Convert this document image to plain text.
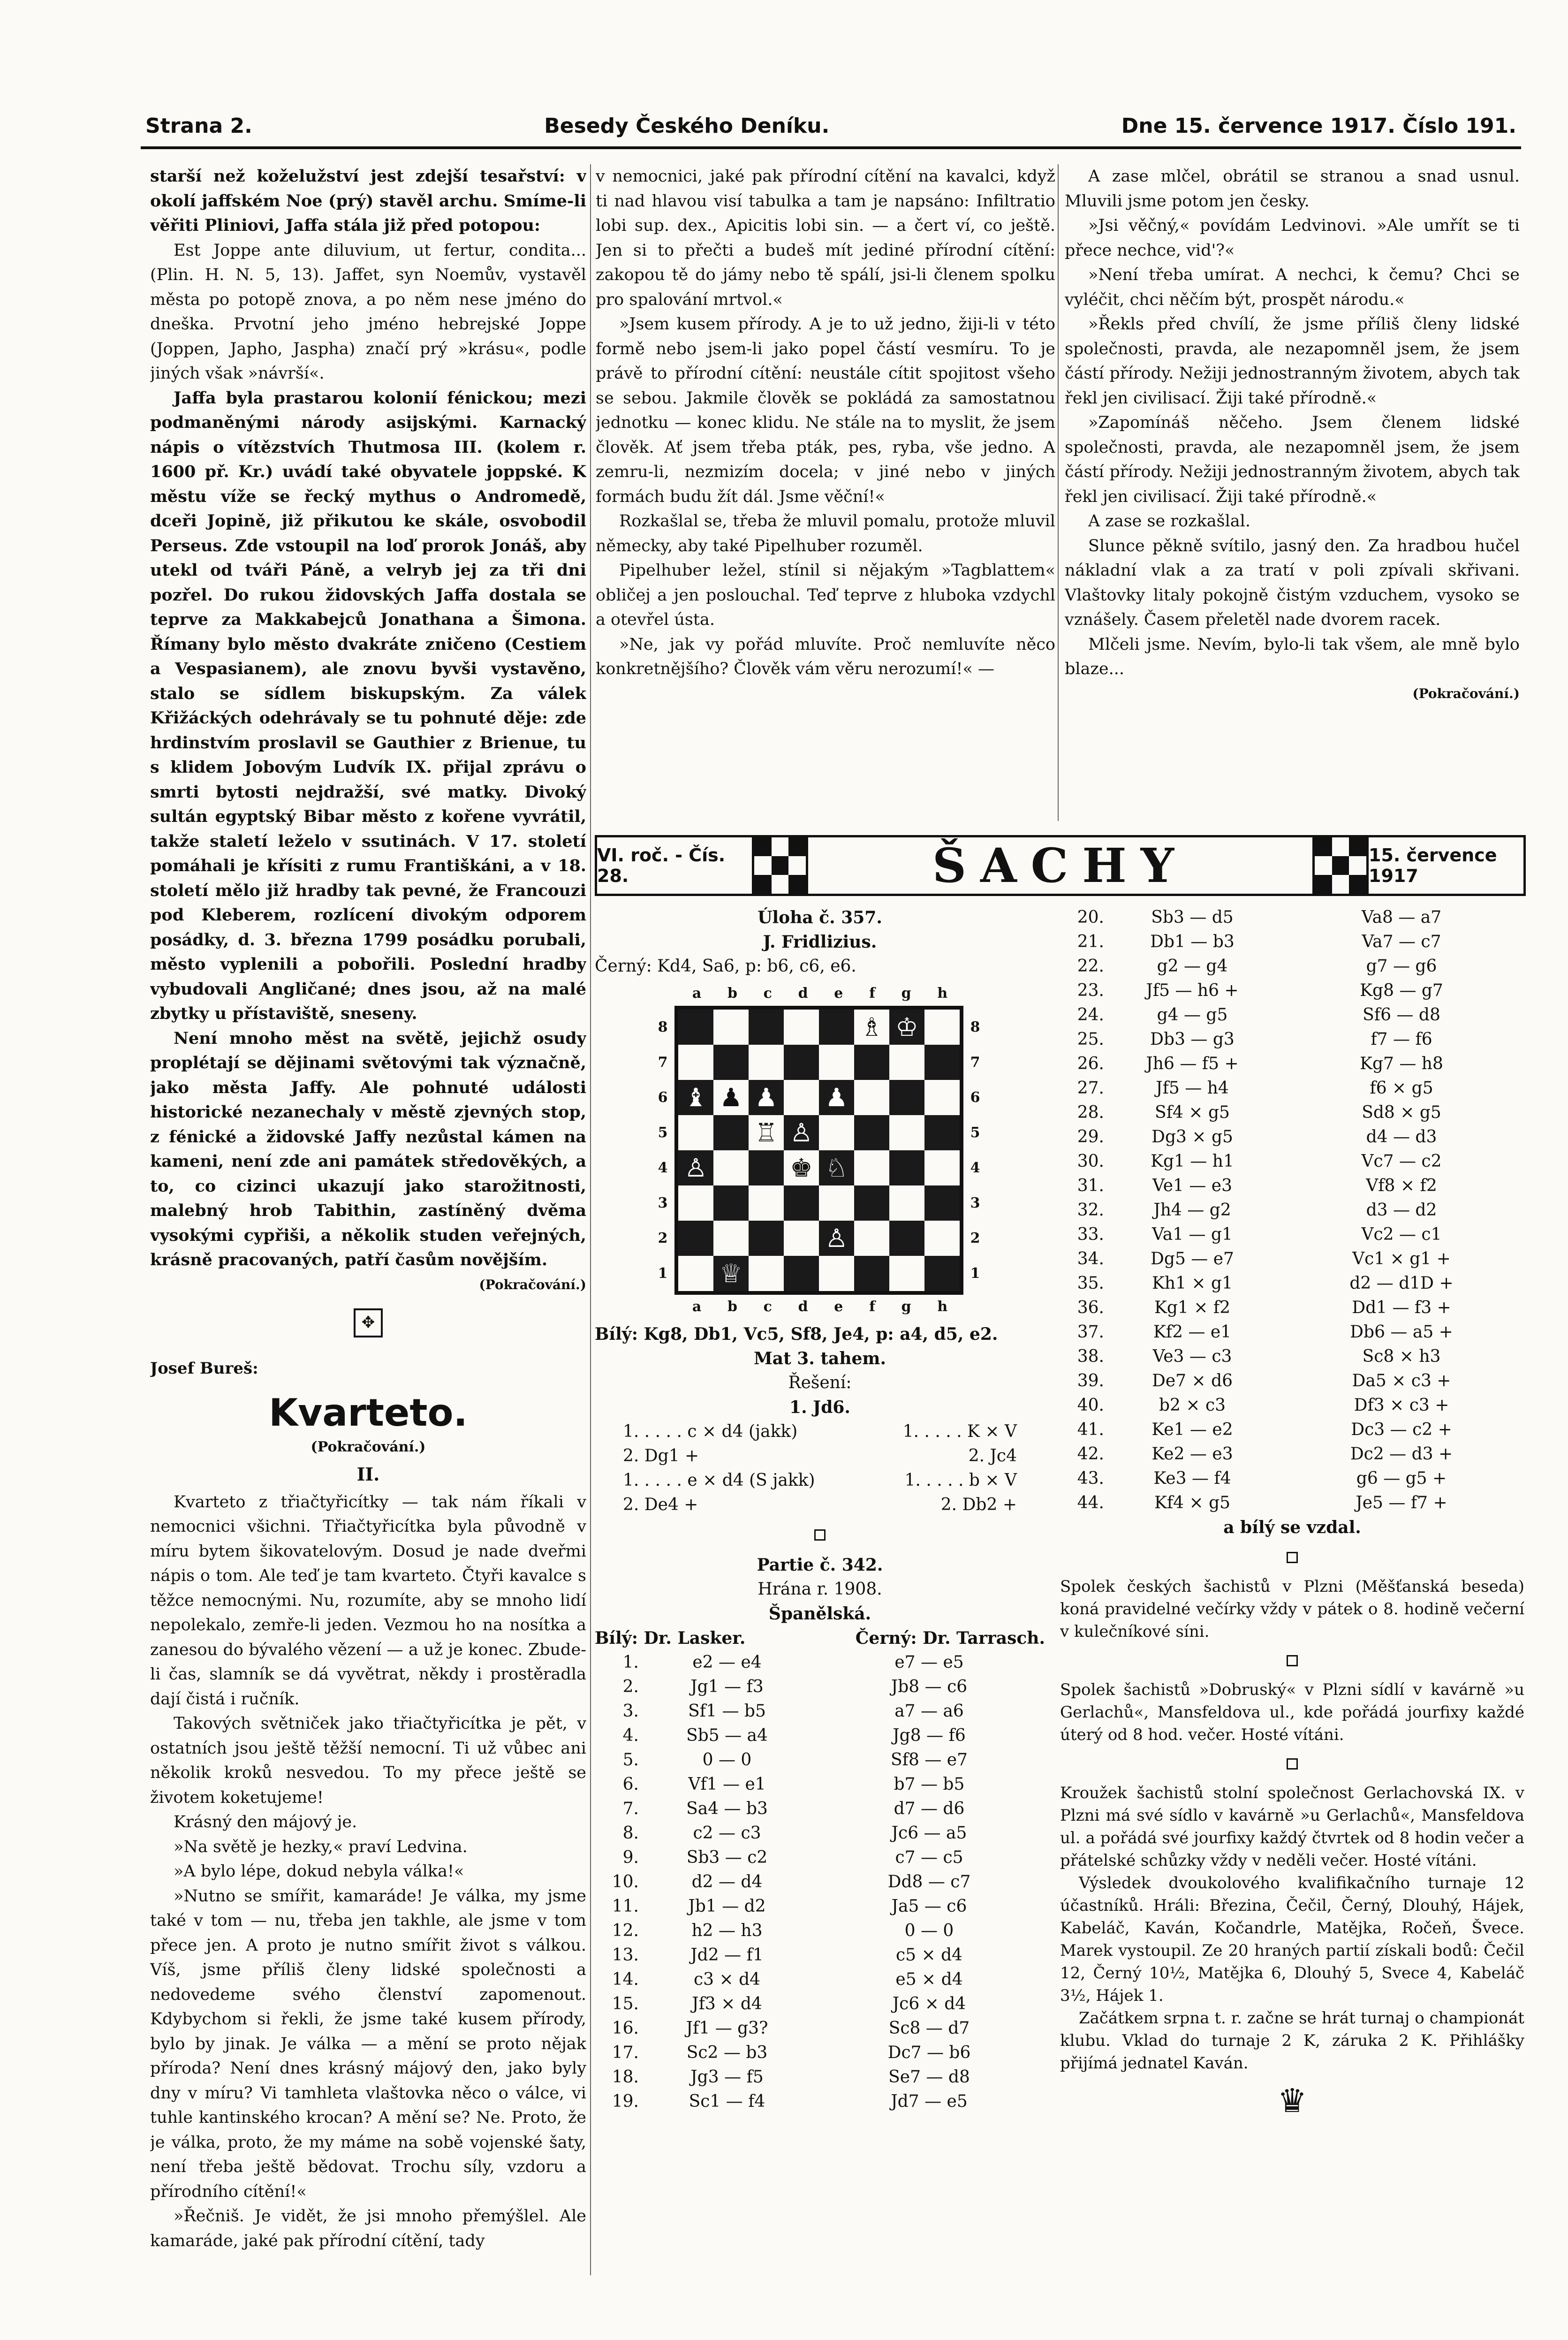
Strana 2.	Besedy Českého Deníku.	Dne 15. července 1917. Číslo 191.

starší než koželužství jest zdejší tesařství: v okolí jaffském Noe (prý) stavěl archu. Smíme-li věřiti Pliniovi, Jaffa stála již před potopou:

Est Joppe ante diluvium, ut fertur, condita... (Plin. H. N. 5, 13). Jaffet, syn Noemův, vystavěl města po potopě znova, a po něm nese jméno do dneška. Prvotní jeho jméno hebrejské Joppe (Joppen, Japho, Jaspha) značí prý »krásu«, podle jiných však »návrší«.

Jaffa byla prastarou kolonií fénickou; mezi podmaněnými národy asijskými. Karnacký nápis o vítězstvích Thutmosa III. (kolem r. 1600 př. Kr.) uvádí také obyvatele joppské. K městu víže se řecký mythus o Andromedě, dceři Jopině, již přikutou ke skále, osvobodil Perseus. Zde vstoupil na loď prorok Jonáš, aby utekl od tváři Páně, a velryb jej za tři dni pozřel. Do rukou židovských Jaffa dostala se teprve za Makkabejců Jonathana a Šimona. Římany bylo město dvakráte zničeno (Cestiem a Vespasianem), ale znovu byvši vystavěno, stalo se sídlem biskupským. Za válek Křižáckých odehrávaly se tu pohnuté děje: zde hrdinstvím proslavil se Gauthier z Brienue, tu s klidem Jobovým Ludvík IX. přijal zprávu o smrti bytosti nejdražší, své matky. Divoký sultán egyptský Bibar město z kořene vyvrátil, takže staletí leželo v ssutinách. V 17. století pomáhali je křísiti z rumu Františkáni, a v 18. století mělo již hradby tak pevné, že Francouzi pod Kleberem, rozlícení divokým odporem posádky, d. 3. března 1799 posádku porubali, město vyplenili a pobořili. Poslední hradby vybudovali Angličané; dnes jsou, až na malé zbytky u přístaviště, sneseny.

Není mnoho měst na světě, jejichž osudy proplétají se dějinami světovými tak význačně, jako města Jaffy. Ale pohnuté události historické nezanechaly v městě zjevných stop, z fénické a židovské Jaffy nezůstal kámen na kameni, není zde ani památek středověkých, a to, co cizinci ukazují jako starožitnosti, malebný hrob Tabithin, zastíněný dvěma vysokými cypřiši, a několik studen veřejných, krásně pracovaných, patří časům novějším.

(Pokračování.)
✥
Josef Bureš:
Kvarteto.
(Pokračování.)
II.

Kvarteto z třiačtyřicítky — tak nám říkali v nemocnici všichni. Třiačtyřicítka byla původně v míru bytem šikovatelovým. Dosud je nade dveřmi nápis o tom. Ale teď je tam kvarteto. Čtyři kavalce s těžce nemocnými. Nu, rozumíte, aby se mnoho lidí nepolekalo, zemře-li jeden. Vezmou ho na nosítka a zanesou do bývalého vězení — a už je konec. Zbude-li čas, slamník se dá vyvětrat, někdy i prostěradla dají čistá i ručník.

Takových světniček jako třiačtyřicítka je pět, v ostatních jsou ještě těžší nemocní. Ti už vůbec ani několik kroků nesvedou. To my přece ještě se životem koketujeme!

Krásný den májový je.

»Na světě je hezky,« praví Ledvina.

»A bylo lépe, dokud nebyla válka!«

»Nutno se smířit, kamaráde! Je válka, my jsme také v tom — nu, třeba jen takhle, ale jsme v tom přece jen. A proto je nutno smířit život s válkou. Víš, jsme příliš členy lidské společnosti a nedovedeme svého členství zapomenout. Kdybychom si řekli, že jsme také kusem přírody, bylo by jinak. Je válka — a mění se proto nějak příroda? Není dnes krásný májový den, jako byly dny v míru? Vi tamhleta vlaštovka něco o válce, vi tuhle kantinského krocan? A mění se? Ne. Proto, že je válka, proto, že my máme na sobě vojenské šaty, není třeba ještě bědovat. Trochu síly, vzdoru a přírodního cítění!«

»Řečniš. Je vidět, že jsi mnoho přemýšlel. Ale kamaráde, jaké pak přírodní cítění, tady

v nemocnici, jaké pak přírodní cítění na kavalci, když ti nad hlavou visí tabulka a tam je napsáno: Infiltratio lobi sup. dex., Apicitis lobi sin. — a čert ví, co ještě. Jen si to přečti a budeš mít jediné přírodní cítění: zakopou tě do jámy nebo tě spálí, jsi-li členem spolku pro spalování mrtvol.«

»Jsem kusem přírody. A je to už jedno, žiji-li v této formě nebo jsem-li jako popel částí vesmíru. To je právě to přírodní cítění: neustále cítit spojitost všeho se sebou. Jakmile člověk se pokládá za samostatnou jednotku — konec klidu. Ne stále na to myslit, že jsem člověk. Ať jsem třeba pták, pes, ryba, vše jedno. A zemru-li, nezmizím docela; v jiné nebo v jiných formách budu žít dál. Jsme věční!«

Rozkašlal se, třeba že mluvil pomalu, protože mluvil německy, aby také Pipelhuber rozuměl.

Pipelhuber ležel, stínil si nějakým »Tagblattem« obličej a jen poslouchal. Teď teprve z hluboka vzdychl a otevřel ústa.

»Ne, jak vy pořád mluvíte. Proč nemluvíte něco konkretnějšího? Člověk vám věru nerozumí!« —

A zase mlčel, obrátil se stranou a snad usnul. Mluvili jsme potom jen česky.

»Jsi věčný,« povídám Ledvinovi. »Ale umřít se ti přece nechce, vid'?«

»Není třeba umírat. A nechci, k čemu? Chci se vyléčit, chci něčím být, prospět národu.«

»Řekls před chvílí, že jsme příliš členy lidské společnosti, pravda, ale nezapomněl jsem, že jsem částí přírody. Nežiji jednostranným životem, abych tak řekl jen civilisací. Žiji také přírodně.«

»Zapomínáš něčeho. Jsem členem lidské společnosti, pravda, ale nezapomněl jsem, že jsem částí přírody. Nežiji jednostranným životem, abych tak řekl jen civilisací. Žiji také přírodně.«

A zase se rozkašlal.

Slunce pěkně svítilo, jasný den. Za hradbou hučel nákladní vlak a za tratí v poli zpívali skřivani. Vlaštovky litaly pokojně čistým vzduchem, vysoko se vznášely. Časem přeletěl nade dvorem racek.

Mlčeli jsme. Nevím, bylo-li tak všem, ale mně bylo blaze...

(Pokračování.)
VI. roč. - Čís. 28.	ŠACHY	15. července 1917
Úloha č. 357.
J. Fridlizius.
Černý: Kd4, Sa6, p: b6, c6, e6.
a b c d e f g h
8
7
6
5
4
3
2
1
♗ ♔
♝ ♟ ♟ ♟
♖ ♙
♙	♚ ♘
♙
♕
8
7
6
5
4
3
2
1
a b c d e f g h
Bílý: Kg8, Db1, Vc5, Sf8, Je4, p: a4, d5, e2.
Mat 3. tahem.
Řešení:
1. Jd6.
1. . . . . c × d4 (jakk)	1. . . . . K × V
2. Dg1 +	2. Jc4
1. . . . . e × d4 (S jakk)	1. . . . . b × V
2. De4 +	2. Db2 +
Partie č. 342.
Hrána r. 1908.
Španělská.
Bílý: Dr. Lasker.	Černý: Dr. Tarrasch.
1.	e2 — e4	e7 — e5
2.	Jg1 — f3	Jb8 — c6
3.	Sf1 — b5	a7 — a6
4.	Sb5 — a4	Jg8 — f6
5.	0 — 0	Sf8 — e7
6.	Vf1 — e1	b7 — b5
7.	Sa4 — b3	d7 — d6
8.	c2 — c3	Jc6 — a5
9.	Sb3 — c2	c7 — c5
10.	d2 — d4	Dd8 — c7
11.	Jb1 — d2	Ja5 — c6
12.	h2 — h3	0 — 0
13.	Jd2 — f1	c5 × d4
14.	c3 × d4	e5 × d4
15.	Jf3 × d4	Jc6 × d4
16.	Jf1 — g3?	Sc8 — d7
17.	Sc2 — b3	Dc7 — b6
18.	Jg3 — f5	Se7 — d8
19.	Sc1 — f4	Jd7 — e5
20.	Sb3 — d5	Va8 — a7
21.	Db1 — b3	Va7 — c7
22.	g2 — g4	g7 — g6
23.	Jf5 — h6 +	Kg8 — g7
24.	g4 — g5	Sf6 — d8
25.	Db3 — g3	f7 — f6
26.	Jh6 — f5 +	Kg7 — h8
27.	Jf5 — h4	f6 × g5
28.	Sf4 × g5	Sd8 × g5
29.	Dg3 × g5	d4 — d3
30.	Kg1 — h1	Vc7 — c2
31.	Ve1 — e3	Vf8 × f2
32.	Jh4 — g2	d3 — d2
33.	Va1 — g1	Vc2 — c1
34.	Dg5 — e7	Vc1 × g1 +
35.	Kh1 × g1	d2 — d1D +
36.	Kg1 × f2	Dd1 — f3 +
37.	Kf2 — e1	Db6 — a5 +
38.	Ve3 — c3	Sc8 × h3
39.	De7 × d6	Da5 × c3 +
40.	b2 × c3	Df3 × c3 +
41.	Ke1 — e2	Dc3 — c2 +
42.	Ke2 — e3	Dc2 — d3 +
43.	Ke3 — f4	g6 — g5 +
44.	Kf4 × g5	Je5 — f7 +
a bílý se vzdal.
Spolek českých šachistů v Plzni (Měšťanská beseda) koná pravidelné večírky vždy v pátek o 8. hodině večerní v kulečníkové síni.
Spolek šachistů »Dobruský« v Plzni sídlí v kavárně »u Gerlachů«, Mansfeldova ul., kde pořádá jourfixy každé úterý od 8 hod. večer. Hosté vítáni.
Kroužek šachistů stolní společnost Gerlachovská IX. v Plzni má své sídlo v kavárně »u Gerlachů«, Mansfeldova ul. a pořádá své jourfixy každý čtvrtek od 8 hodin večer a přátelské schůzky vždy v neděli večer. Hosté vítáni.
Výsledek dvoukolového kvalifikačního turnaje 12 účastníků. Hráli: Březina, Čečil, Černý, Dlouhý, Hájek, Kabeláč, Kaván, Kočandrle, Matějka, Ročeň, Švece. Marek vystoupil. Ze 20 hraných partií získali bodů: Čečil 12, Černý 10½, Matějka 6, Dlouhý 5, Svece 4, Kabeláč 3½, Hájek 1.
Začátkem srpna t. r. začne se hrát turnaj o championát klubu. Vklad do turnaje 2 K, záruka 2 K. Přihlášky přijímá jednatel Kaván.
♛
